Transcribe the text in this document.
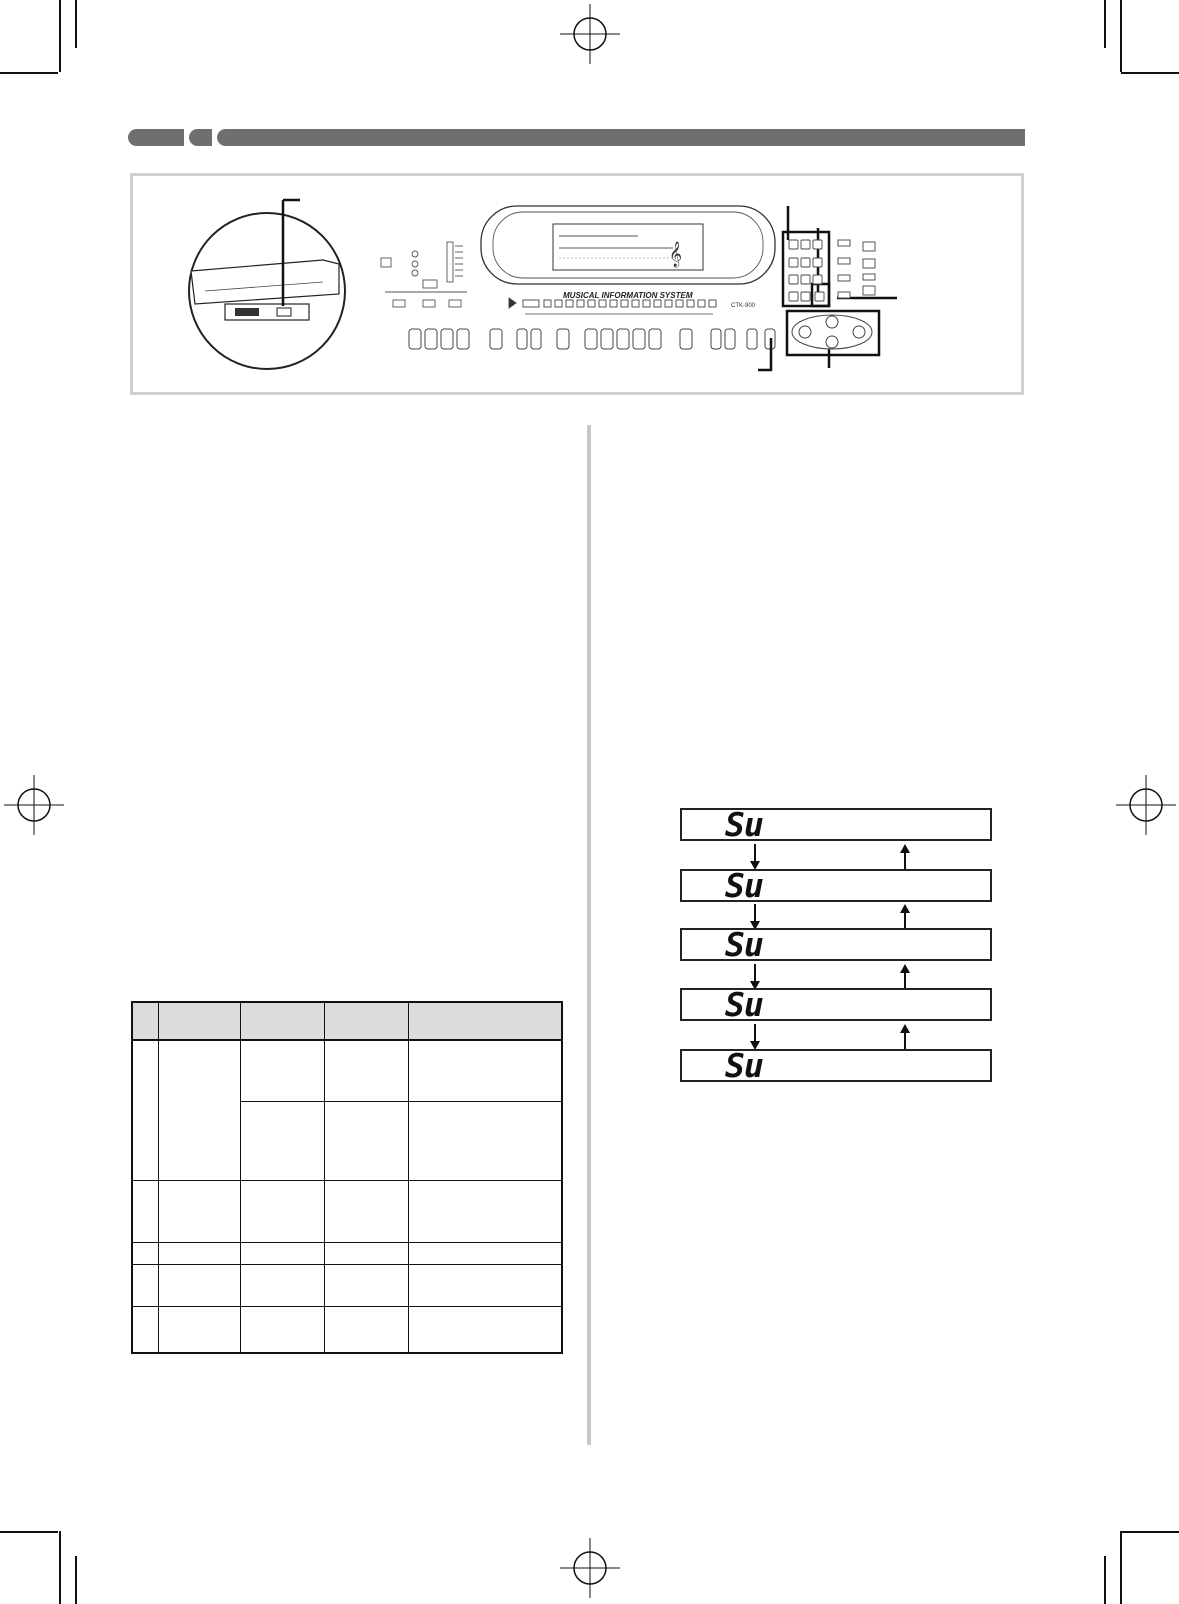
𝄞
MUSICAL INFORMATION SYSTEM
CTK-900

Su
Su
Su
Su
Su
